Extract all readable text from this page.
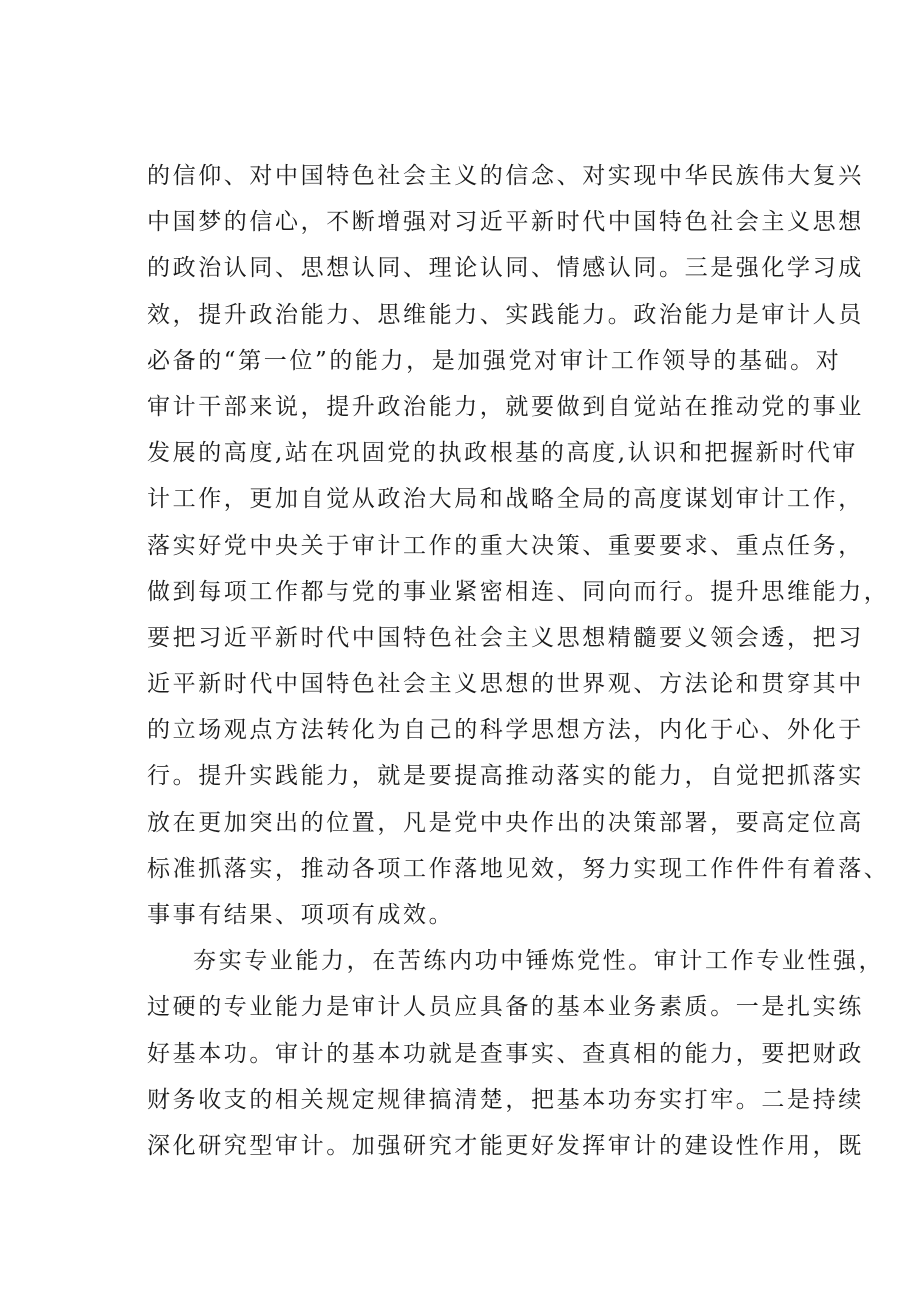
的信仰、对中国特色社会主义的信念、对实现中华民族伟大复兴
中国梦的信心，不断增强对习近平新时代中国特色社会主义思想
的政治认同、思想认同、理论认同、情感认同。三是强化学习成
效，提升政治能力、思维能力、实践能力。政治能力是审计人员
必备的“第一位”的能力，是加强党对审计工作领导的基础。对
审计干部来说，提升政治能力，就要做到自觉站在推动党的事业
发展的高度,站在巩固党的执政根基的高度,认识和把握新时代审
计工作，更加自觉从政治大局和战略全局的高度谋划审计工作，
落实好党中央关于审计工作的重大决策、重要要求、重点任务，
做到每项工作都与党的事业紧密相连、同向而行。提升思维能力，
要把习近平新时代中国特色社会主义思想精髓要义领会透，把习
近平新时代中国特色社会主义思想的世界观、方法论和贯穿其中
的立场观点方法转化为自己的科学思想方法，内化于心、外化于
行。提升实践能力，就是要提高推动落实的能力，自觉把抓落实
放在更加突出的位置，凡是党中央作出的决策部署，要高定位高
标准抓落实，推动各项工作落地见效，努力实现工作件件有着落、
事事有结果、项项有成效。
夯实专业能力，在苦练内功中锤炼党性。审计工作专业性强，
过硬的专业能力是审计人员应具备的基本业务素质。一是扎实练
好基本功。审计的基本功就是查事实、查真相的能力，要把财政
财务收支的相关规定规律搞清楚，把基本功夯实打牢。二是持续
深化研究型审计。加强研究才能更好发挥审计的建设性作用，既
